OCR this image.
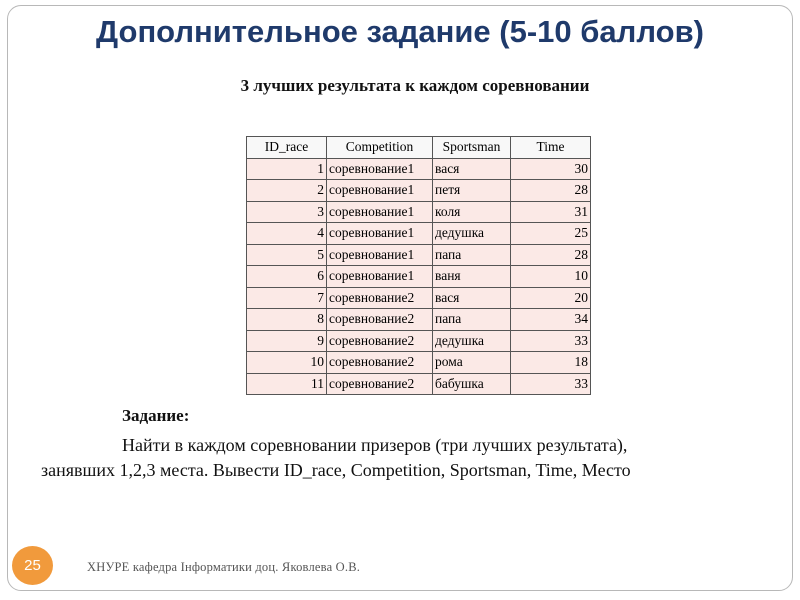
Дополнительное задание (5-10 баллов)
3 лучших результата к каждом соревновании
ID_race	Competition	Sportsman	Time
1	соревнование1	вася	30
2	соревнование1	петя	28
3	соревнование1	коля	31
4	соревнование1	дедушка	25
5	соревнование1	папа	28
6	соревнование1	ваня	10
7	соревнование2	вася	20
8	соревнование2	папа	34
9	соревнование2	дедушка	33
10	соревнование2	рома	18
11	соревнование2	бабушка	33
Задание:
Найти в каждом соревновании призеров (три лучших результата),
занявших 1,2,3 места. Вывести ID_race, Competition, Sportsman, Time, Место
25	ХНУРЕ кафедра Інформатики доц. Яковлева О.В.
